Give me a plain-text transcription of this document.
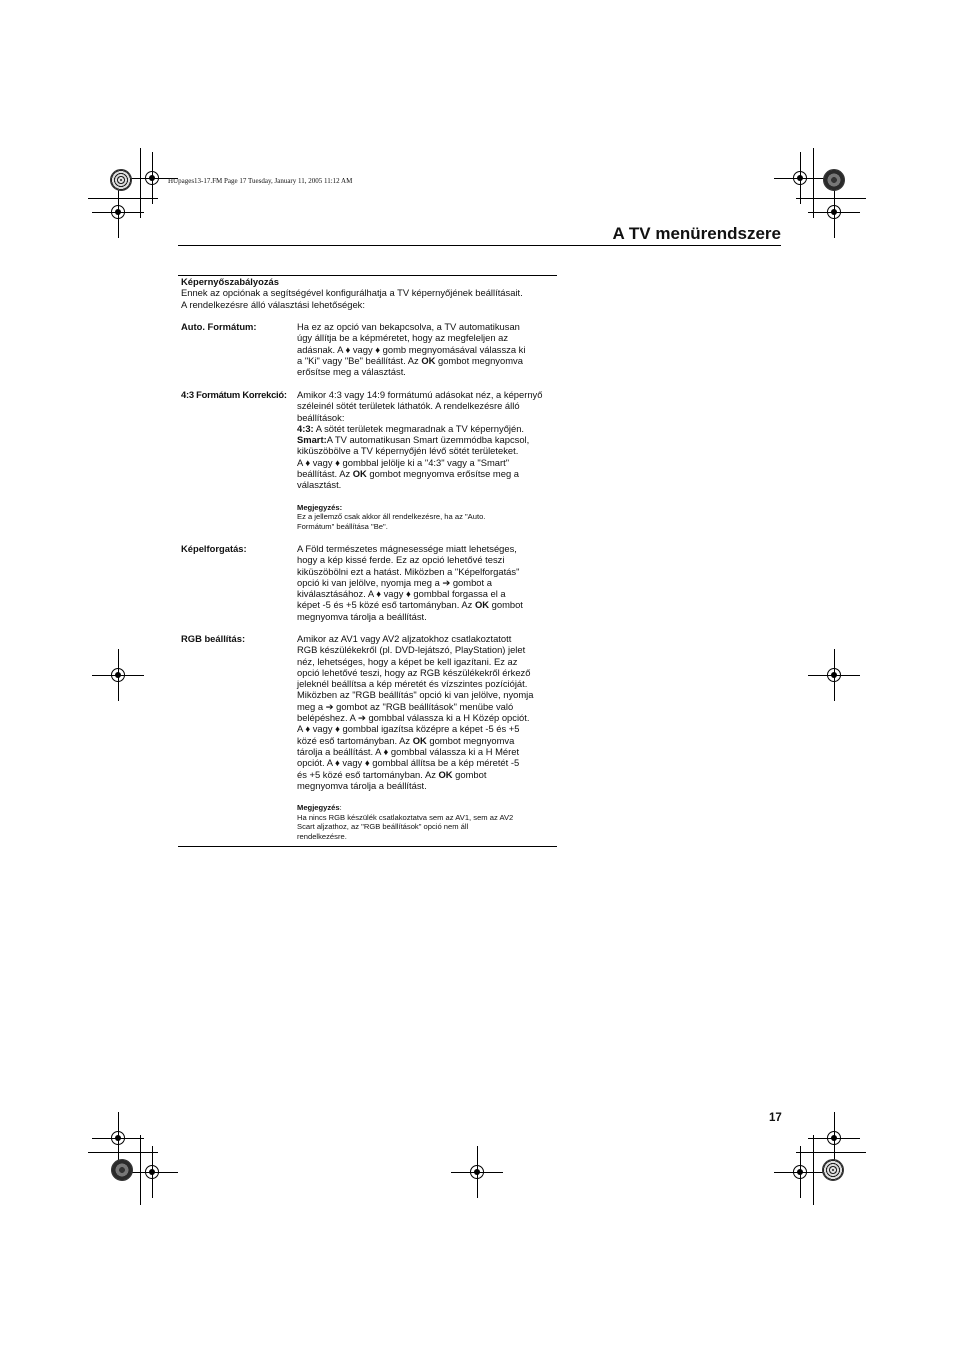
HUpages13-17.FM Page 17 Tuesday, January 11, 2005 11:12 AM
A TV menürendszere
Képernyőszabályozás
Ennek az opciónak a segítségével konfigurálhatja a TV képernyőjének beállításait.
A rendelkezésre álló választási lehetőségek:
Auto. Formátum:	Ha ez az opció van bekapcsolva, a TV automatikusan
úgy állítja be a képméretet, hogy az megfeleljen az
adásnak. A ♦ vagy ♦ gomb megnyomásával válassza ki
a "Ki" vagy "Be" beállítást. Az OK gombot megnyomva
erősítse meg a választást.
4:3 Formátum Korrekció: Amikor 4:3 vagy 14:9 formátumú adásokat néz, a képernyő
széleinél sötét területek láthatók. A rendelkezésre álló
beállítások:
4:3: A sötét területek megmaradnak a TV képernyőjén.
Smart:A TV automatikusan Smart üzemmódba kapcsol,
kiküszöbölve a TV képernyőjén lévő sötét területeket.
A ♦ vagy ♦ gombbal jelölje ki a "4:3" vagy a "Smart"
beállítást. Az OK gombot megnyomva erősítse meg a
választást.

Megjegyzés:

Ez a jellemző csak akkor áll rendelkezésre, ha az "Auto.
Formátum" beállítása "Be".
Képelforgatás:	A Föld természetes mágnesessége miatt lehetséges,
hogy a kép kissé ferde. Ez az opció lehetővé teszi
kiküszöbölni ezt a hatást. Miközben a "Képelforgatás"
opció ki van jelölve, nyomja meg a ➔ gombot a
kiválasztásához. A ♦ vagy ♦ gombbal forgassa el a
képet -5 és +5 közé eső tartományban. Az OK gombot
megnyomva tárolja a beállítást.
RGB beállítás:	Amikor az AV1 vagy AV2 aljzatokhoz csatlakoztatott
RGB készülékekről (pl. DVD-lejátszó, PlayStation) jelet
néz, lehetséges, hogy a képet be kell igazítani. Ez az
opció lehetővé teszi, hogy az RGB készülékekről érkező
jeleknél beállítsa a kép méretét és vízszintes pozícióját.
Miközben az "RGB beállítás" opció ki van jelölve, nyomja
meg a ➔ gombot az "RGB beállítások" menübe való
belépéshez. A ➔ gombbal válassza ki a H Közép opciót.
A ♦ vagy ♦ gombbal igazítsa középre a képet -5 és +5
közé eső tartományban. Az OK gombot megnyomva
tárolja a beállítást. A ♦ gombbal válassza ki a H Méret
opciót. A ♦ vagy ♦ gombbal állítsa be a kép méretét -5
és +5 közé eső tartományban. Az OK gombot
megnyomva tárolja a beállítást.

Megjegyzés:

Ha nincs RGB készülék csatlakoztatva sem az AV1, sem az AV2
Scart aljzathoz, az "RGB beállítások" opció nem áll
rendelkezésre.
17
